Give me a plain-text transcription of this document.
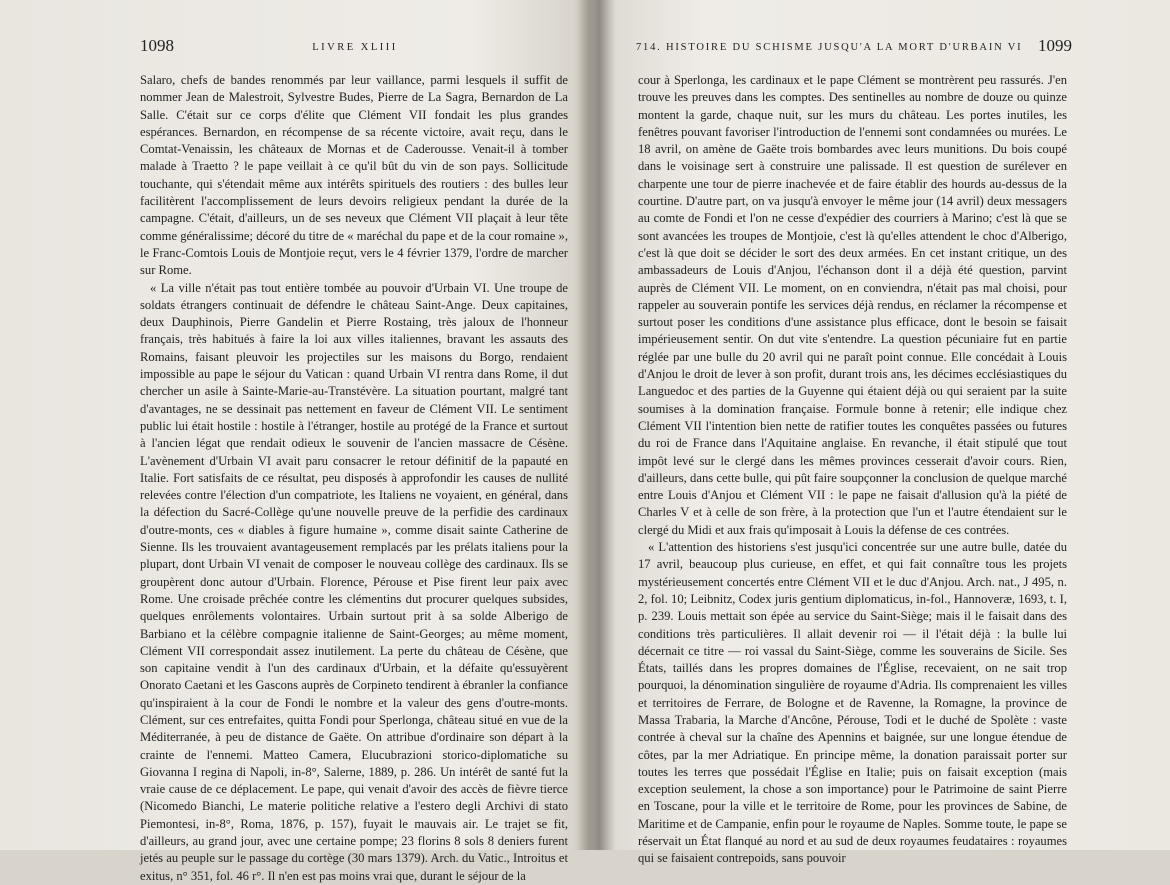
1098	LIVRE XLIII

Salaro, chefs de bandes renommés par leur vaillance, parmi lesquels il suffit de nommer Jean de Malestroit, Sylvestre Budes, Pierre de La Sagra, Bernardon de La Salle. C'était sur ce corps d'élite que Clément VII fondait les plus grandes espérances. Bernardon, en récompense de sa récente victoire, avait reçu, dans le Comtat-Venaissin, les châteaux de Mornas et de Caderousse. Venait-il à tomber malade à Traetto ? le pape veillait à ce qu'il bût du vin de son pays. Sollicitude touchante, qui s'étendait même aux intérêts spirituels des routiers : des bulles leur facilitèrent l'accomplissement de leurs devoirs religieux pendant la durée de la campagne. C'était, d'ailleurs, un de ses neveux que Clément VII plaçait à leur tête comme généralissime; décoré du titre de « maréchal du pape et de la cour romaine », le Franc-Comtois Louis de Montjoie reçut, vers le 4 février 1379, l'ordre de marcher sur Rome.

« La ville n'était pas tout entière tombée au pouvoir d'Urbain VI. Une troupe de soldats étrangers continuait de défendre le château Saint-Ange. Deux capitaines, deux Dauphinois, Pierre Gandelin et Pierre Rostaing, très jaloux de l'honneur français, très habitués à faire la loi aux villes italiennes, bravant les assauts des Romains, faisant pleuvoir les projectiles sur les maisons du Borgo, rendaient impossible au pape le séjour du Vatican : quand Urbain VI rentra dans Rome, il dut chercher un asile à Sainte-Marie-au-Transtévère. La situation pourtant, malgré tant d'avantages, ne se dessinait pas nettement en faveur de Clément VII. Le sentiment public lui était hostile : hostile à l'étranger, hostile au protégé de la France et surtout à l'ancien légat que rendait odieux le souvenir de l'ancien massacre de Césène. L'avènement d'Urbain VI avait paru consacrer le retour définitif de la papauté en Italie. Fort satisfaits de ce résultat, peu disposés à approfondir les causes de nullité relevées contre l'élection d'un compatriote, les Italiens ne voyaient, en général, dans la défection du Sacré-Collège qu'une nouvelle preuve de la perfidie des cardinaux d'outre-monts, ces « diables à figure humaine », comme disait sainte Catherine de Sienne. Ils les trouvaient avantageusement remplacés par les prélats italiens pour la plupart, dont Urbain VI venait de composer le nouveau collège des cardinaux. Ils se groupèrent donc autour d'Urbain. Florence, Pérouse et Pise firent leur paix avec Rome. Une croisade prêchée contre les clémentins dut procurer quelques subsides, quelques enrôlements volontaires. Urbain surtout prit à sa solde Alberigo de Barbiano et la célèbre compagnie italienne de Saint-Georges; au même moment, Clément VII correspondait assez inutilement. La perte du château de Césène, que son capitaine vendit à l'un des cardinaux d'Urbain, et la défaite qu'essuyèrent Onorato Caetani et les Gascons auprès de Corpineto tendirent à ébranler la confiance qu'inspiraient à la cour de Fondi le nombre et la valeur des gens d'outre-monts. Clément, sur ces entrefaites, quitta Fondi pour Sperlonga, château situé en vue de la Méditerranée, à peu de distance de Gaëte. On attribue d'ordinaire son départ à la crainte de l'ennemi. Matteo Camera, Elucubrazioni storico-diplomatiche su Giovanna I regina di Napoli, in-8°, Salerne, 1889, p. 286. Un intérêt de santé fut la vraie cause de ce déplacement. Le pape, qui venait d'avoir des accès de fièvre tierce (Nicomedo Bianchi, Le materie politiche relative a l'estero degli Archivi di stato Piemontesi, in-8°, Roma, 1876, p. 157), fuyait le mauvais air. Le trajet se fit, d'ailleurs, au grand jour, avec une certaine pompe; 23 florins 8 sols 8 deniers furent jetés au peuple sur le passage du cortège (30 mars 1379). Arch. du Vatic., Introitus et exitus, n° 351, fol. 46 r°. Il n'en est pas moins vrai que, durant le séjour de la

714. HISTOIRE DU SCHISME JUSQU'A LA MORT D'URBAIN VI 1099

cour à Sperlonga, les cardinaux et le pape Clément se montrèrent peu rassurés. J'en trouve les preuves dans les comptes. Des sentinelles au nombre de douze ou quinze montent la garde, chaque nuit, sur les murs du château. Les portes inutiles, les fenêtres pouvant favoriser l'introduction de l'ennemi sont condamnées ou murées. Le 18 avril, on amène de Gaëte trois bombardes avec leurs munitions. Du bois coupé dans le voisinage sert à construire une palissade. Il est question de surélever en charpente une tour de pierre inachevée et de faire établir des hourds au-dessus de la courtine. D'autre part, on va jusqu'à envoyer le même jour (14 avril) deux messagers au comte de Fondi et l'on ne cesse d'expédier des courriers à Marino; c'est là que se sont avancées les troupes de Montjoie, c'est là qu'elles attendent le choc d'Alberigo, c'est là que doit se décider le sort des deux armées. En cet instant critique, un des ambassadeurs de Louis d'Anjou, l'échanson dont il a déjà été question, parvint auprès de Clément VII. Le moment, on en conviendra, n'était pas mal choisi, pour rappeler au souverain pontife les services déjà rendus, en réclamer la récompense et surtout poser les conditions d'une assistance plus efficace, dont le besoin se faisait impérieusement sentir. On dut vite s'entendre. La question pécuniaire fut en partie réglée par une bulle du 20 avril qui ne paraît point connue. Elle concédait à Louis d'Anjou le droit de lever à son profit, durant trois ans, les décimes ecclésiastiques du Languedoc et des parties de la Guyenne qui étaient déjà ou qui seraient par la suite soumises à la domination française. Formule bonne à retenir; elle indique chez Clément VII l'intention bien nette de ratifier toutes les conquêtes passées ou futures du roi de France dans l'Aquitaine anglaise. En revanche, il était stipulé que tout impôt levé sur le clergé dans les mêmes provinces cesserait d'avoir cours. Rien, d'ailleurs, dans cette bulle, qui pût faire soupçonner la conclusion de quelque marché entre Louis d'Anjou et Clément VII : le pape ne faisait d'allusion qu'à la piété de Charles V et à celle de son frère, à la protection que l'un et l'autre étendaient sur le clergé du Midi et aux frais qu'imposait à Louis la défense de ces contrées.

« L'attention des historiens s'est jusqu'ici concentrée sur une autre bulle, datée du 17 avril, beaucoup plus curieuse, en effet, et qui fait connaître tous les projets mystérieusement concertés entre Clément VII et le duc d'Anjou. Arch. nat., J 495, n. 2, fol. 10; Leibnitz, Codex juris gentium diplomaticus, in-fol., Hannoveræ, 1693, t. I, p. 239. Louis mettait son épée au service du Saint-Siège; mais il le faisait dans des conditions très particulières. Il allait devenir roi — il l'était déjà : la bulle lui décernait ce titre — roi vassal du Saint-Siège, comme les souverains de Sicile. Ses États, taillés dans les propres domaines de l'Église, recevaient, on ne sait trop pourquoi, la dénomination singulière de royaume d'Adria. Ils comprenaient les villes et territoires de Ferrare, de Bologne et de Ravenne, la Romagne, la province de Massa Trabaria, la Marche d'Ancône, Pérouse, Todi et le duché de Spolète : vaste contrée à cheval sur la chaîne des Apennins et baignée, sur une longue étendue de côtes, par la mer Adriatique. En principe même, la donation paraissait porter sur toutes les terres que possédait l'Église en Italie; puis on faisait exception (mais exception seulement, la chose a son importance) pour le Patrimoine de saint Pierre en Toscane, pour la ville et le territoire de Rome, pour les provinces de Sabine, de Maritime et de Campanie, enfin pour le royaume de Naples. Somme toute, le pape se réservait un État flanqué au nord et au sud de deux royaumes feudataires : royaumes qui se faisaient contrepoids, sans pouvoir
